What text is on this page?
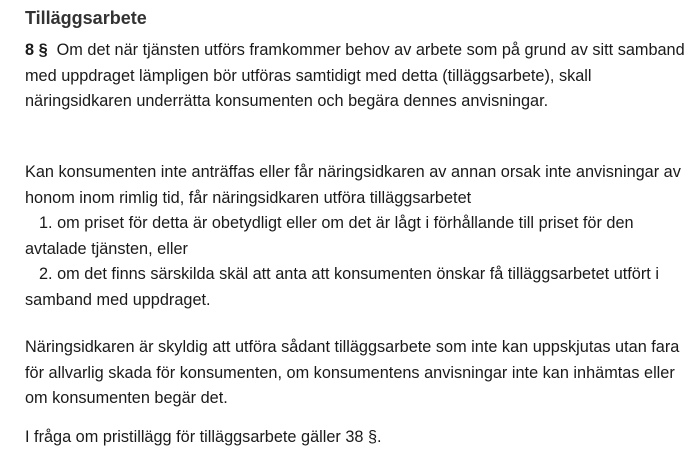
Tilläggsarbete

8 § Om det när tjänsten utförs framkommer behov av arbete som på grund av sitt samband med uppdraget lämpligen bör utföras samtidigt med detta (tilläggsarbete), skall näringsidkaren underrätta konsumenten och begära dennes anvisningar.

Kan konsumenten inte anträffas eller får näringsidkaren av annan orsak inte anvisningar av honom inom rimlig tid, får näringsidkaren utföra tilläggsarbetet
1. om priset för detta är obetydligt eller om det är lågt i förhållande till priset för den avtalade tjänsten, eller
2. om det finns särskilda skäl att anta att konsumenten önskar få tilläggsarbetet utfört i samband med uppdraget.

Näringsidkaren är skyldig att utföra sådant tilläggsarbete som inte kan uppskjutas utan fara för allvarlig skada för konsumenten, om konsumentens anvisningar inte kan inhämtas eller om konsumenten begär det.

I fråga om pristillägg för tilläggsarbete gäller 38 §.
